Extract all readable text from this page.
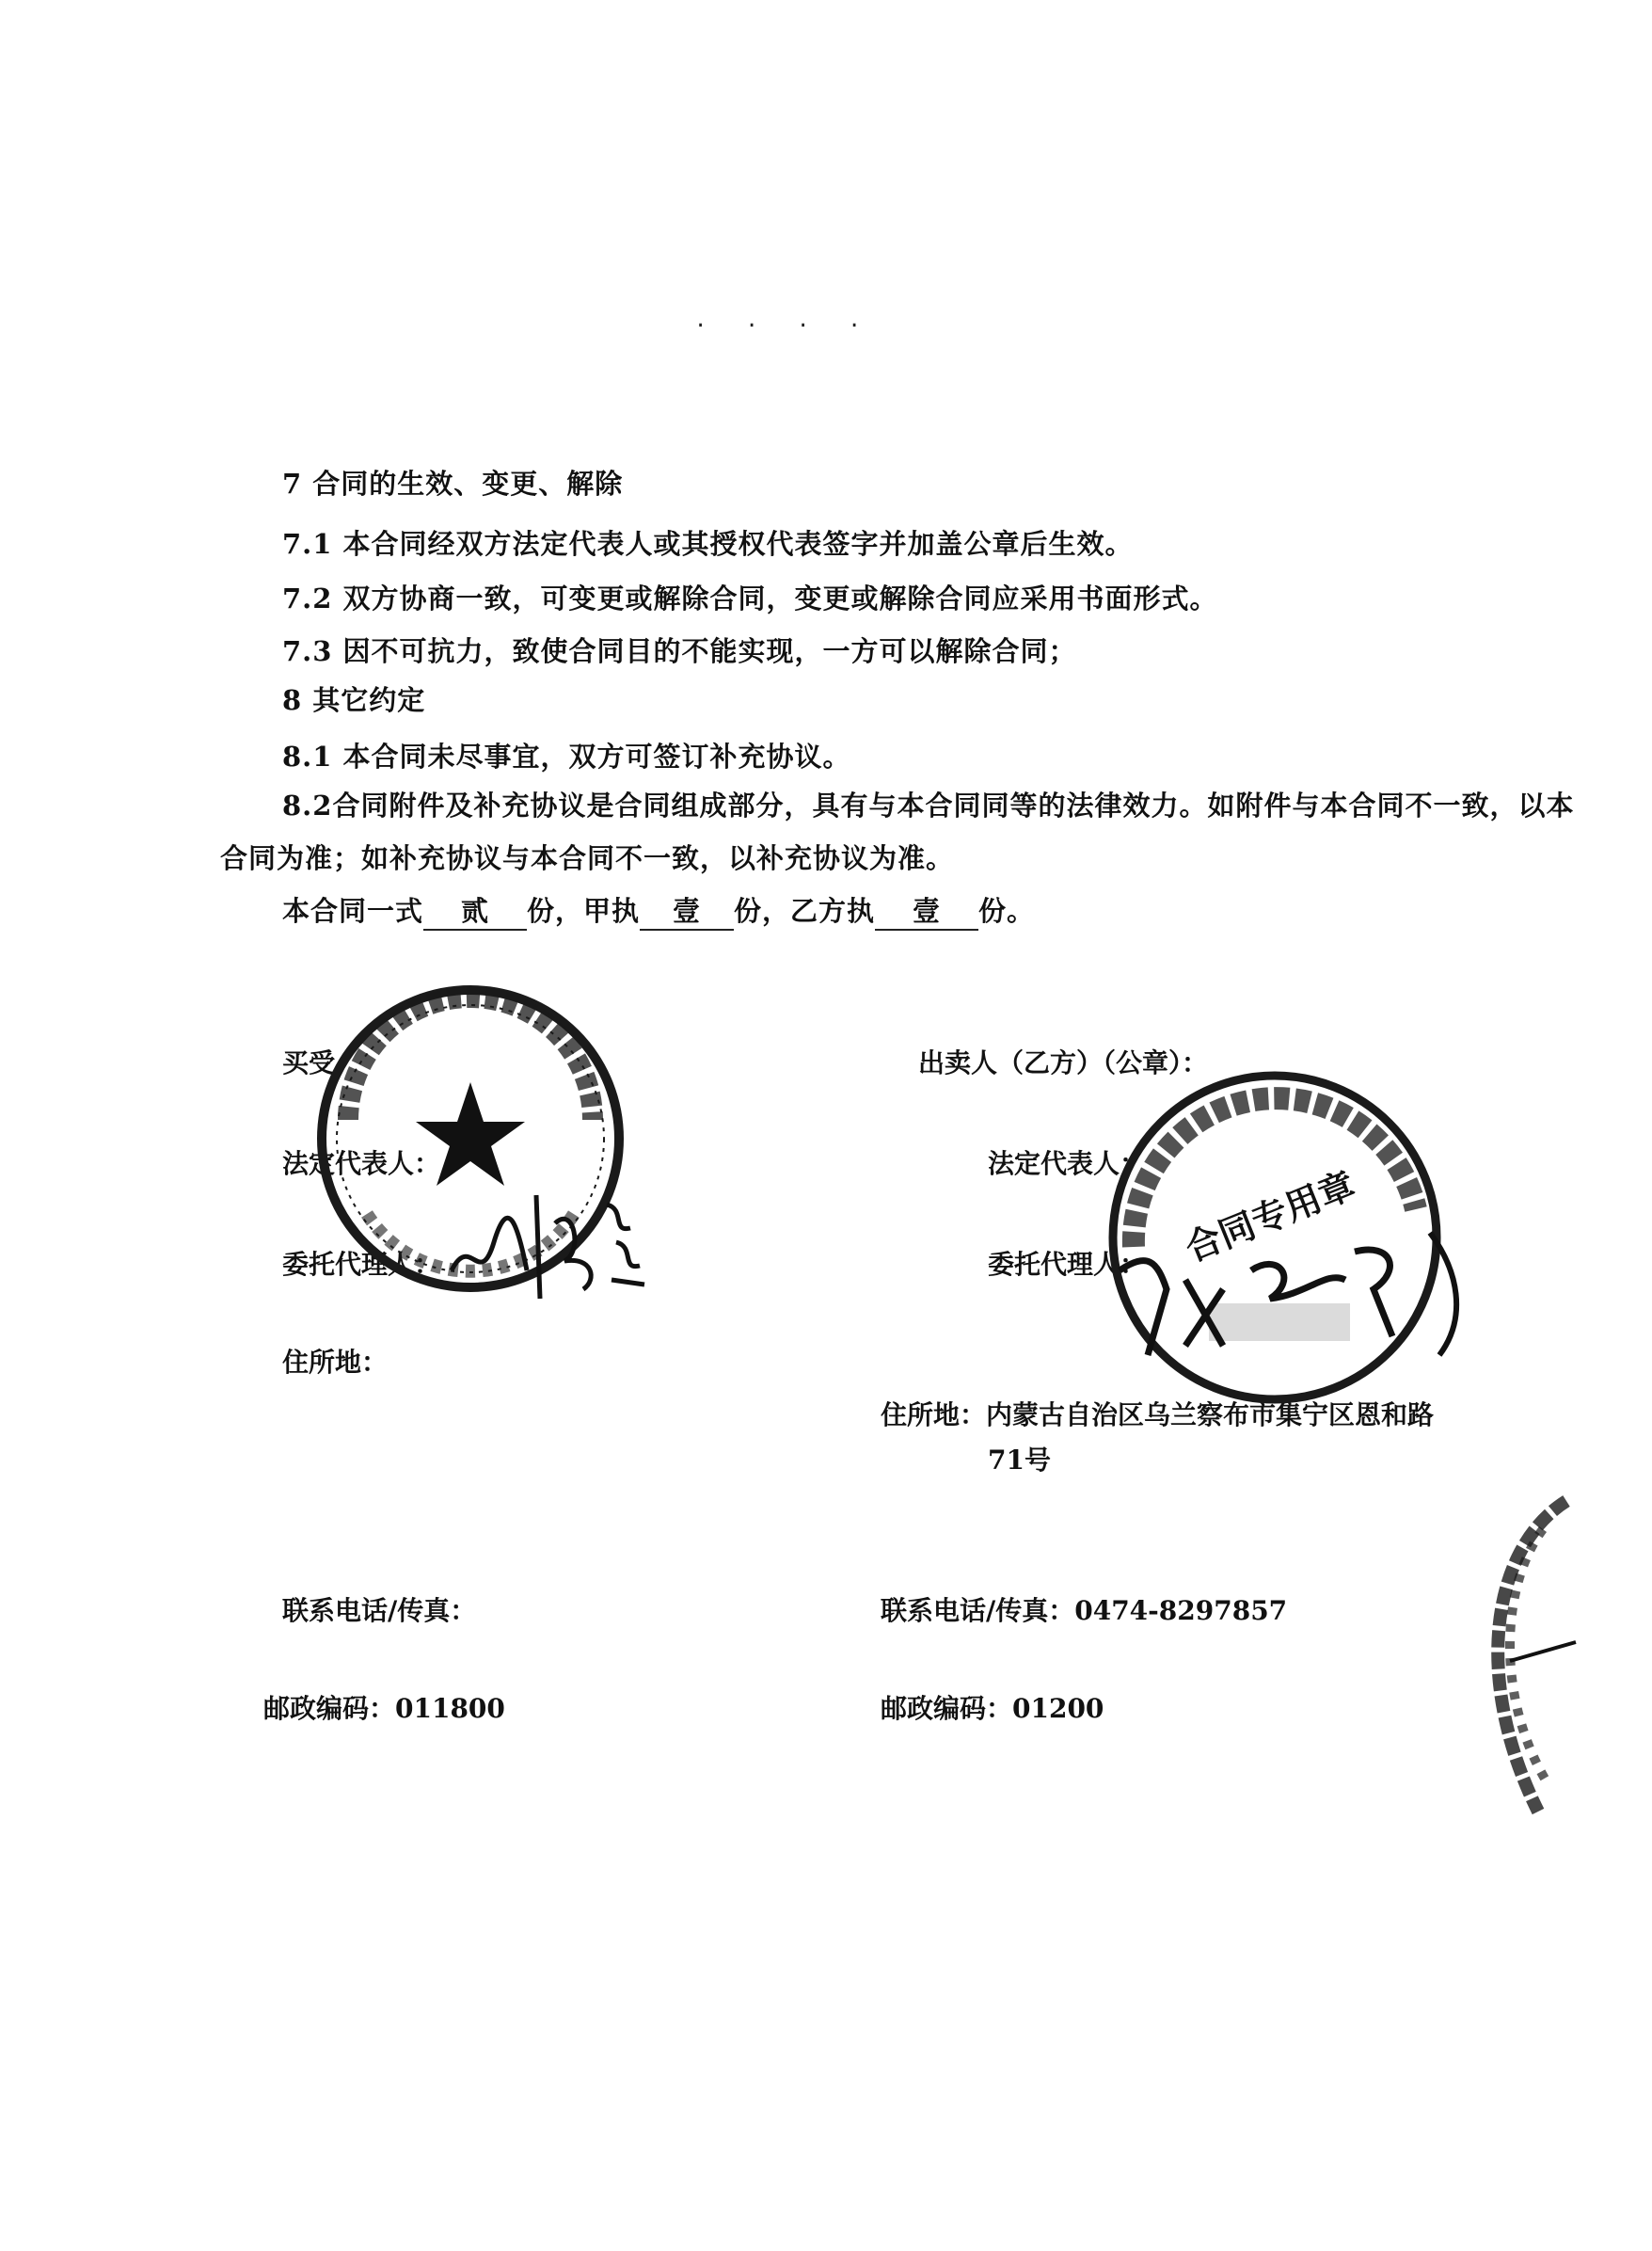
. . . .
7 合同的生效、变更、解除
7.1 本合同经双方法定代表人或其授权代表签字并加盖公章后生效。
7.2 双方协商一致，可变更或解除合同，变更或解除合同应采用书面形式。
7.3 因不可抗力，致使合同目的不能实现，一方可以解除合同；
8 其它约定
8.1 本合同未尽事宜，双方可签订补充协议。
8.2合同附件及补充协议是合同组成部分，具有与本合同同等的法律效力。如附件与本合同不一致，以本
合同为准；如补充协议与本合同不一致，以补充协议为准。
本合同一式 贰 份，甲执 壹 份，乙方执 壹 份。
买受
法定代表人：
委托代理人：
住所地：
联系电话/传真：
邮政编码：011800
出卖人（乙方）（公章）：
法定代表人：
委托代理人：
住所地：内蒙古自治区乌兰察布市集宁区恩和路
71号
联系电话/传真：0474-8297857
邮政编码：01200
合同专用章
